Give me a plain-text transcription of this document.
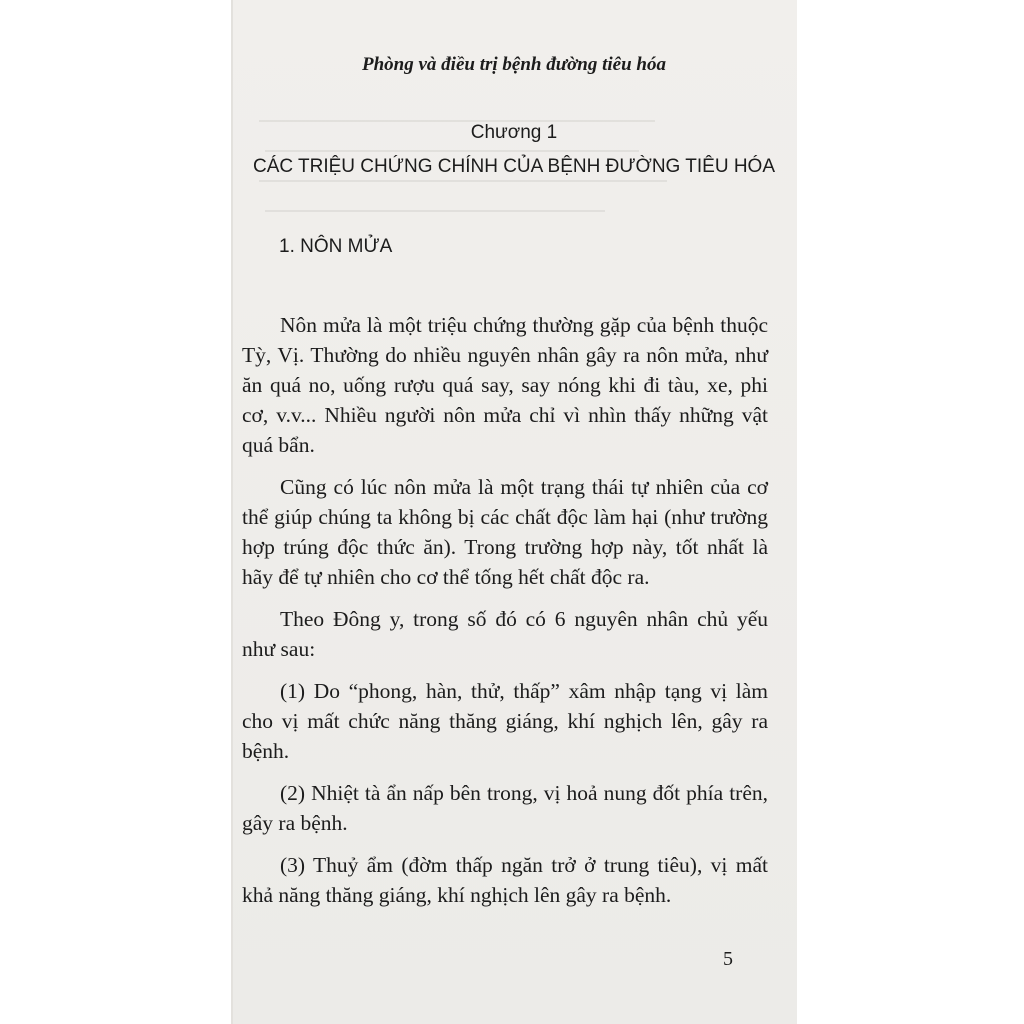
Phòng và điều trị bệnh đường tiêu hóa
Chương 1
CÁC TRIỆU CHỨNG CHÍNH CỦA BỆNH ĐƯỜNG TIÊU HÓA
1. NÔN MỬA

Nôn mửa là một triệu chứng thường gặp của bệnh thuộc Tỳ, Vị. Thường do nhiều nguyên nhân gây ra nôn mửa, như ăn quá no, uống rượu quá say, say nóng khi đi tàu, xe, phi cơ, v.v... Nhiều người nôn mửa chỉ vì nhìn thấy những vật quá bẩn.

Cũng có lúc nôn mửa là một trạng thái tự nhiên của cơ thể giúp chúng ta không bị các chất độc làm hại (như trường hợp trúng độc thức ăn). Trong trường hợp này, tốt nhất là hãy để tự nhiên cho cơ thể tống hết chất độc ra.

Theo Đông y, trong số đó có 6 nguyên nhân chủ yếu như sau:

(1) Do “phong, hàn, thử, thấp” xâm nhập tạng vị làm cho vị mất chức năng thăng giáng, khí nghịch lên, gây ra bệnh.

(2) Nhiệt tà ẩn nấp bên trong, vị hoả nung đốt phía trên, gây ra bệnh.

(3) Thuỷ ẩm (đờm thấp ngăn trở ở trung tiêu), vị mất khả năng thăng giáng, khí nghịch lên gây ra bệnh.

5
